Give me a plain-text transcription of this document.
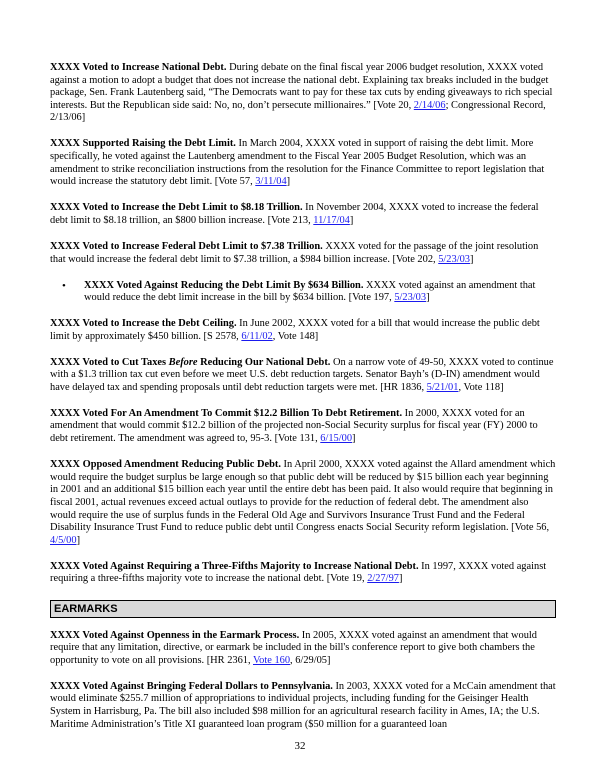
XXXX Voted to Increase National Debt. During debate on the final fiscal year 2006 budget resolution, XXXX voted against a motion to adopt a budget that does not increase the national debt. Explaining tax breaks included in the budget package, Sen. Frank Lautenberg said, “The Democrats want to pay for these tax cuts by ending giveaways to rich special interests. But the Republican side said: No, no, don’t persecute millionaires.” [Vote 20, 2/14/06; Congressional Record, 2/13/06]

XXXX Supported Raising the Debt Limit. In March 2004, XXXX voted in support of raising the debt limit. More specifically, he voted against the Lautenberg amendment to the Fiscal Year 2005 Budget Resolution, which was an amendment to strike reconciliation instructions from the resolution for the Finance Committee to report legislation that would increase the statutory debt limit. [Vote 57, 3/11/04]

XXXX Voted to Increase the Debt Limit to $8.18 Trillion. In November 2004, XXXX voted to increase the federal debt limit to $8.18 trillion, an $800 billion increase. [Vote 213, 11/17/04]

XXXX Voted to Increase Federal Debt Limit to $7.38 Trillion. XXXX voted for the passage of the joint resolution that would increase the federal debt limit to $7.38 trillion, a $984 billion increase. [Vote 202, 5/23/03]

• XXXX Voted Against Reducing the Debt Limit By $634 Billion. XXXX voted against an amendment that would reduce the debt limit increase in the bill by $634 billion. [Vote 197, 5/23/03]

XXXX Voted to Increase the Debt Ceiling. In June 2002, XXXX voted for a bill that would increase the public debt limit by approximately $450 billion. [S 2578, 6/11/02, Vote 148]

XXXX Voted to Cut Taxes Before Reducing Our National Debt. On a narrow vote of 49-50, XXXX voted to continue with a $1.3 trillion tax cut even before we meet U.S. debt reduction targets. Senator Bayh’s (D-IN) amendment would have delayed tax and spending proposals until debt reduction targets were met. [HR 1836, 5/21/01, Vote 118]

XXXX Voted For An Amendment To Commit $12.2 Billion To Debt Retirement. In 2000, XXXX voted for an amendment that would commit $12.2 billion of the projected non-Social Security surplus for fiscal year (FY) 2000 to debt retirement. The amendment was agreed to, 95-3. [Vote 131, 6/15/00]

XXXX Opposed Amendment Reducing Public Debt. In April 2000, XXXX voted against the Allard amendment which would require the budget surplus be large enough so that public debt will be reduced by $15 billion each year beginning in 2001 and an additional $15 billion each year until the entire debt has been paid. It also would require that beginning in fiscal 2001, actual revenues exceed actual outlays to provide for the reduction of federal debt. The amendment also would require the use of surplus funds in the Federal Old Age and Survivors Insurance Trust Fund and the Federal Disability Insurance Trust Fund to reduce public debt until Congress enacts Social Security reform legislation. [Vote 56, 4/5/00]

XXXX Voted Against Requiring a Three-Fifths Majority to Increase National Debt. In 1997, XXXX voted against requiring a three-fifths majority vote to increase the national debt. [Vote 19, 2/27/97]

EARMARKS

XXXX Voted Against Openness in the Earmark Process. In 2005, XXXX voted against an amendment that would require that any limitation, directive, or earmark be included in the bill's conference report to give both chambers the opportunity to vote on all provisions. [HR 2361, Vote 160, 6/29/05]

XXXX Voted Against Bringing Federal Dollars to Pennsylvania. In 2003, XXXX voted for a McCain amendment that would eliminate $255.7 million of appropriations to individual projects, including funding for the Geisinger Health System in Harrisburg, Pa. The bill also included $98 million for an agricultural research facility in Ames, IA; the U.S. Maritime Administration’s Title XI guaranteed loan program ($50 million for a guaranteed loan

32
